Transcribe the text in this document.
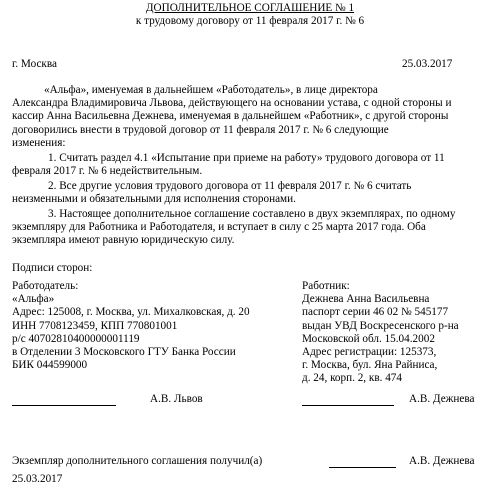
ДОПОЛНИТЕЛЬНОЕ СОГЛАШЕНИЕ № 1
к трудовому договору от 11 февраля 2017 г. № 6
г. Москва	25.03.2017
«Альфа», именуемая в дальнейшем «Работодатель», в лице директора
Александра Владимировича Львова, действующего на основании устава, с одной стороны и
кассир Анна Васильевна Дежнева, именуемая в дальнейшем «Работник», с другой стороны
договорились внести в трудовой договор от 11 февраля 2017 г. № 6 следующие
изменения:
1. Считать раздел 4.1 «Испытание при приеме на работу» трудового договора от 11
февраля 2017 г. № 6 недействительным.
2. Все другие условия трудового договора от 11 февраля 2017 г. № 6 считать
неизменными и обязательными для исполнения сторонами.
3. Настоящее дополнительное соглашение составлено в двух экземплярах, по одному
экземпляру для Работника и Работодателя, и вступает в силу с 25 марта 2017 года. Оба
экземпляра имеют равную юридическую силу.
Подписи сторон:
Работодатель:
«Альфа»
Адрес: 125008, г. Москва, ул. Михалковская, д. 20
ИНН 7708123459, КПП 770801001
р/с 40702810400000001119
в Отделении 3 Московского ГТУ Банка России
БИК 044599000
Работник:
Дежнева Анна Васильевна
паспорт серии 46 02 № 545177
выдан УВД Воскресенского р-на
Московской обл. 15.04.2002
Адрес регистрации: 125373,
г. Москва, бул. Яна Райниса,
д. 24, корп. 2, кв. 474
А.В. Львов	А.В. Дежнева
Экземпляр дополнительного соглашения получил(а)	А.В. Дежнева
25.03.2017
